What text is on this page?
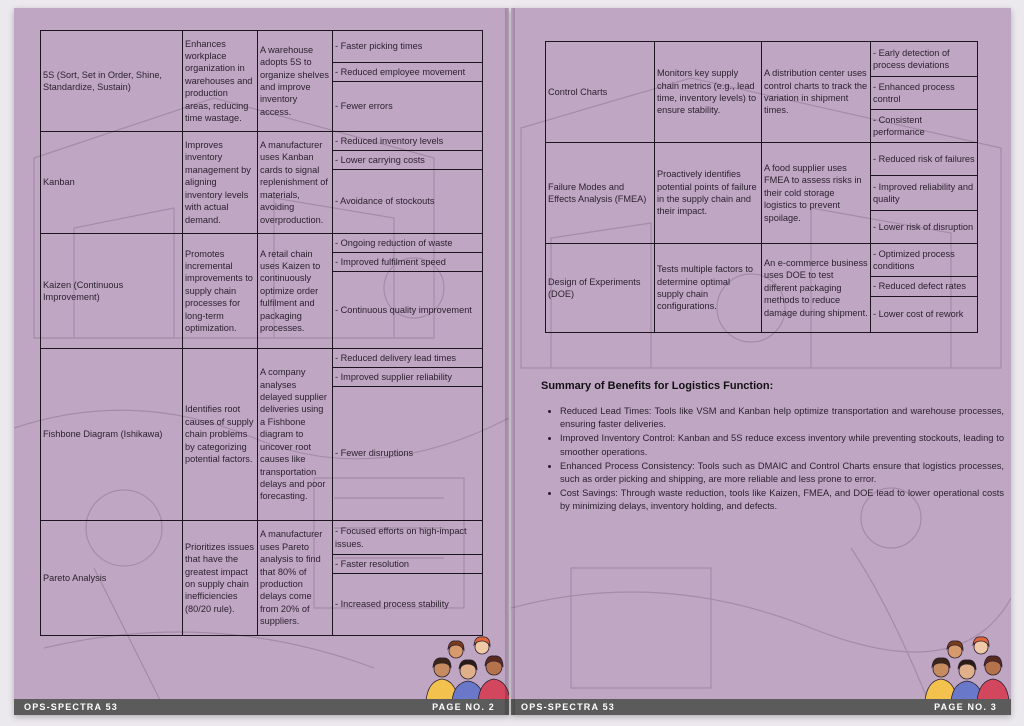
5S (Sort, Set in Order, Shine, Standardize, Sustain)	Enhances workplace organization in warehouses and production areas, reducing time wastage.	A warehouse adopts 5S to organize shelves and improve inventory access.	- Faster picking times
			- Reduced employee movement
			- Fewer errors
Kanban	Improves inventory management by aligning inventory levels with actual demand.	A manufacturer uses Kanban cards to signal replenishment of materials, avoiding overproduction.	- Reduced inventory levels
			- Lower carrying costs
			- Avoidance of stockouts
Kaizen (Continuous Improvement)	Promotes incremental improvements to supply chain processes for long-term optimization.	A retail chain uses Kaizen to continuously optimize order fulfilment and packaging processes.	- Ongoing reduction of waste
			- Improved fulfilment speed
			- Continuous quality improvement
Fishbone Diagram (Ishikawa)	Identifies root causes of supply chain problems by categorizing potential factors.	A company analyses delayed supplier deliveries using a Fishbone diagram to uncover root causes like transportation delays and poor forecasting.	- Reduced delivery lead times
			- Improved supplier reliability
			- Fewer disruptions
Pareto Analysis	Prioritizes issues that have the greatest impact on supply chain inefficiencies (80/20 rule).	A manufacturer uses Pareto analysis to find that 80% of production delays come from 20% of suppliers.	- Focused efforts on high-impact issues.
			- Faster resolution
			- Increased process stability
OPS-SPECTRA 53	PAGE NO. 2
Control Charts	Monitors key supply chain metrics (e.g., lead time, inventory levels) to ensure stability.	A distribution center uses control charts to track the variation in shipment times.	- Early detection of process deviations
			- Enhanced process control
			- Consistent performance
Failure Modes and Effects Analysis (FMEA)	Proactively identifies potential points of failure in the supply chain and their impact.	A food supplier uses FMEA to assess risks in their cold storage logistics to prevent spoilage.	- Reduced risk of failures
			- Improved reliability and quality
			- Lower risk of disruption
Design of Experiments (DOE)	Tests multiple factors to determine optimal supply chain configurations.	An e-commerce business uses DOE to test different packaging methods to reduce damage during shipment.	- Optimized process conditions
			- Reduced defect rates
			- Lower cost of rework
Summary of Benefits for Logistics Function:
• Reduced Lead Times: Tools like VSM and Kanban help optimize transportation and warehouse processes, ensuring faster deliveries.
• Improved Inventory Control: Kanban and 5S reduce excess inventory while preventing stockouts, leading to smoother operations.
• Enhanced Process Consistency: Tools such as DMAIC and Control Charts ensure that logistics processes, such as order picking and shipping, are more reliable and less prone to error.
• Cost Savings: Through waste reduction, tools like Kaizen, FMEA, and DOE lead to lower operational costs by minimizing delays, inventory holding, and defects.
OPS-SPECTRA 53	PAGE NO. 3
